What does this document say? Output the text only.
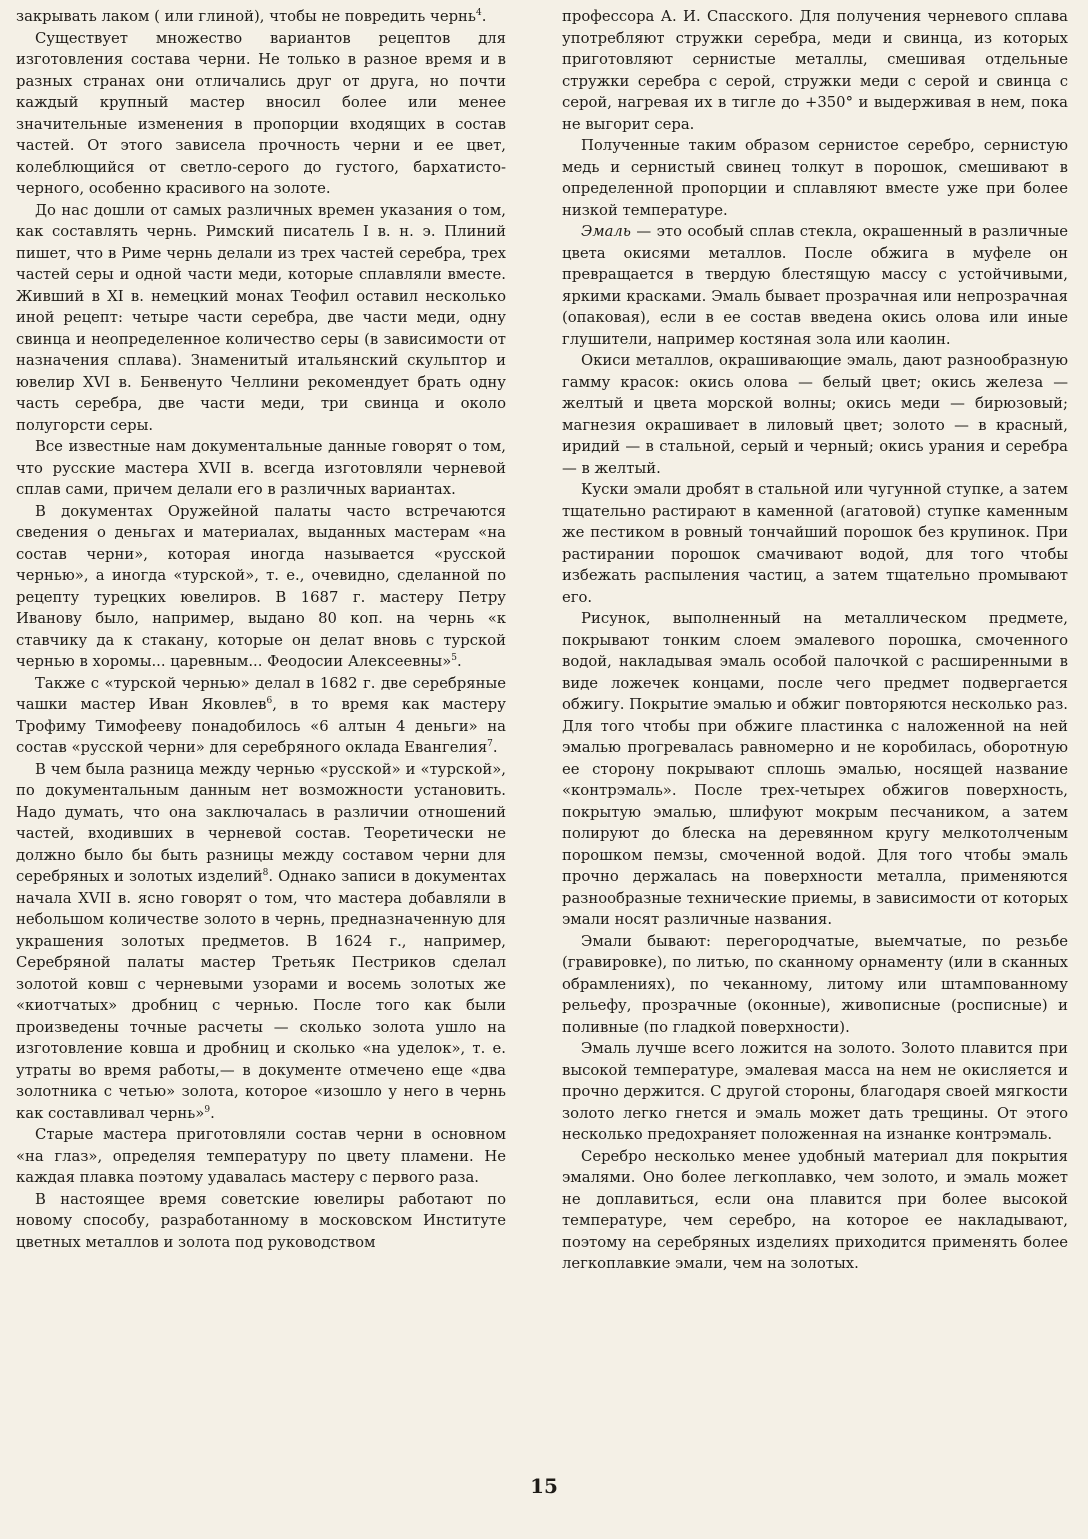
закрывать лаком ( или глиной), чтобы не повредить чернь$^4$.

Существует множество вариантов рецептов для изготовления состава черни. Не только в разное время и в разных странах они отличались друг от друга, но почти каждый крупный мастер вносил более или менее значительные изменения в пропорции входящих в состав частей. От этого зависела прочность черни и ее цвет, колеблющийся от светло-серого до густого, бархатисто-черного, особенно красивого на золоте.

До нас дошли от самых различных времен указания о том, как составлять чернь. Римский писатель I в. н. э. Плиний пишет, что в Риме чернь делали из трех частей серебра, трех частей серы и одной части меди, которые сплавляли вместе. Живший в XI в. немецкий монах Теофил оставил несколько иной рецепт: четыре части серебра, две части меди, одну свинца и неопределенное количество серы (в зависимости от назначения сплава). Знаменитый итальянский скульптор и ювелир XVI в. Бенвенуто Челлини рекомендует брать одну часть серебра, две части меди, три свинца и около полугорсти серы.

Все известные нам документальные данные говорят о том, что русские мастера XVII в. всегда изготовляли черневой сплав сами, причем делали его в различных вариантах.

В документах Оружейной палаты часто встречаются сведения о деньгах и материалах, выданных мастерам «на состав черни», которая иногда называется «русской чернью», а иногда «турской», т. е., очевидно, сделанной по рецепту турецких ювелиров. В 1687 г. мастеру Петру Иванову было, например, выдано 80 коп. на чернь «к ставчику да к стакану, которые он делат вновь с турской чернью в хоромы... царевным... Феодосии Алексеевны»$^5$.

Также с «турской чернью» делал в 1682 г. две серебряные чашки мастер Иван Яковлев$^6$, в то время как мастеру Трофиму Тимофееву понадобилось «6 алтын 4 деньги» на состав «русской черни» для серебряного оклада Евангелия$^7$.

В чем была разница между чернью «русской» и «турской», по документальным данным нет возможности установить. Надо думать, что она заключалась в различии отношений частей, входивших в черневой состав. Теоретически не должно было бы быть разницы между составом черни для серебряных и золотых изделий$^8$. Однако записи в документах начала XVII в. ясно говорят о том, что мастера добавляли в небольшом количестве золото в чернь, предназначенную для украшения золотых предметов. В 1624 г., например, Серебряной палаты мастер Третьяк Пестриков сделал золотой ковш с черневыми узорами и восемь золотых же «киотчатых» дробниц с чернью. После того как были произведены точные расчеты — сколько золота ушло на изготовление ковша и дробниц и сколько «на уделок», т. е. утраты во время работы,— в документе отмечено еще «два золотника с четью» золота, которое «изошло у него в чернь как составливал чернь»$^9$.

Старые мастера приготовляли состав черни в основном «на глаз», определяя температуру по цвету пламени. Не каждая плавка поэтому удавалась мастеру с первого раза.

В настоящее время советские ювелиры работают по новому способу, разработанному в московском Институте цветных металлов и золота под руководством

профессора А. И. Спасского. Для получения черневого сплава употребляют стружки серебра, меди и свинца, из которых приготовляют сернистые металлы, смешивая отдельные стружки серебра с серой, стружки меди с серой и свинца с серой, нагревая их в тигле до +350° и выдерживая в нем, пока не выгорит сера.

Полученные таким образом сернистое серебро, сернистую медь и сернистый свинец толкут в порошок, смешивают в определенной пропорции и сплавляют вместе уже при более низкой температуре.

Эмаль — это особый сплав стекла, окрашенный в различные цвета окисями металлов. После обжига в муфеле он превращается в твердую блестящую массу с устойчивыми, яркими красками. Эмаль бывает прозрачная или непрозрачная (опаковая), если в ее состав введена окись олова или иные глушители, например костяная зола или каолин.

Окиси металлов, окрашивающие эмаль, дают разнообразную гамму красок: окись олова — белый цвет; окись железа — желтый и цвета морской волны; окись меди — бирюзовый; магнезия окрашивает в лиловый цвет; золото — в красный, иридий — в стальной, серый и черный; окись урания и серебра — в желтый.

Куски эмали дробят в стальной или чугунной ступке, а затем тщательно растирают в каменной (агатовой) ступке каменным же пестиком в ровный тончайший порошок без крупинок. При растирании порошок смачивают водой, для того чтобы избежать распыления частиц, а затем тщательно промывают его.

Рисунок, выполненный на металлическом предмете, покрывают тонким слоем эмалевого порошка, смоченного водой, накладывая эмаль особой палочкой с расширенными в виде ложечек концами, после чего предмет подвергается обжигу. Покрытие эмалью и обжиг повторяются несколько раз. Для того чтобы при обжиге пластинка с наложенной на ней эмалью прогревалась равномерно и не коробилась, оборотную ее сторону покрывают сплошь эмалью, носящей название «контрэмаль». После трех-четырех обжигов поверхность, покрытую эмалью, шлифуют мокрым песчаником, а затем полируют до блеска на деревянном кругу мелкотолченым порошком пемзы, смоченной водой. Для того чтобы эмаль прочно держалась на поверхности металла, применяются разнообразные технические приемы, в зависимости от которых эмали носят различные названия.

Эмали бывают: перегородчатые, выемчатые, по резьбе (гравировке), по литью, по сканному орнаменту (или в сканных обрамлениях), по чеканному, литому или штампованному рельефу, прозрачные (оконные), живописные (росписные) и поливные (по гладкой поверхности).

Эмаль лучше всего ложится на золото. Золото плавится при высокой температуре, эмалевая масса на нем не окисляется и прочно держится. С другой стороны, благодаря своей мягкости золото легко гнется и эмаль может дать трещины. От этого несколько предохраняет положенная на изнанке контрэмаль.

Серебро несколько менее удобный материал для покрытия эмалями. Оно более легкоплавко, чем золото, и эмаль может не доплавиться, если она плавится при более высокой температуре, чем серебро, на которое ее накладывают, поэтому на серебряных изделиях приходится применять более легкоплавкие эмали, чем на золотых.

15
